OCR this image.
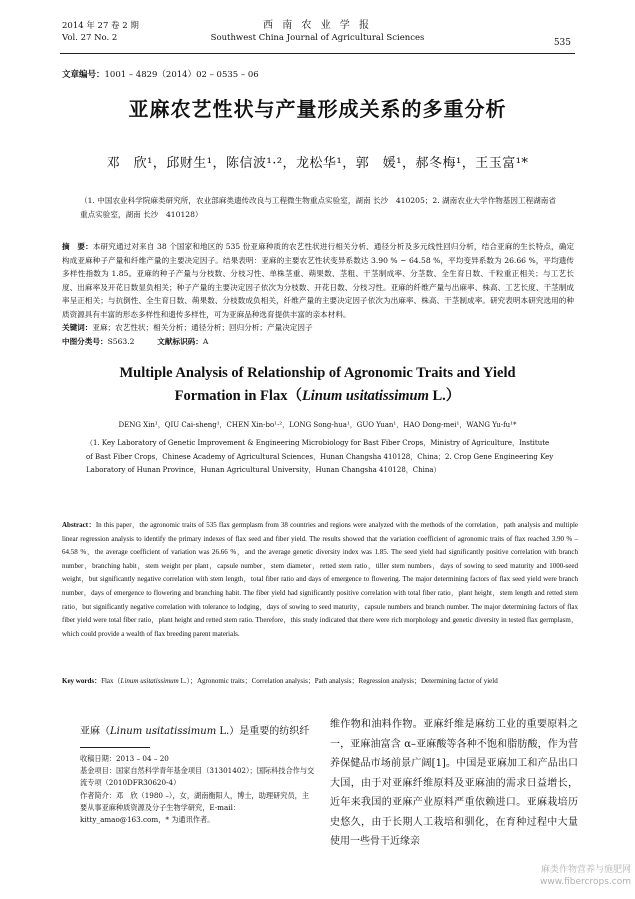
2014 年 27 卷 2 期
Vol. 27 No. 2
西 南 农 业 学 报
Southwest China Journal of Agricultural Sciences	535
文章编号：1001 – 4829（2014）02 – 0535 – 06
亚麻农艺性状与产量形成关系的多重分析
邓　欣¹，邱财生¹，陈信波¹·²，龙松华¹，郭　媛¹，郝冬梅¹，王玉富¹*
（1. 中国农业科学院麻类研究所，农业部麻类遗传改良与工程微生物重点实验室，湖南 长沙　410205；2. 湖南农业大学作物基因工程湖南省重点实验室，湖南 长沙　410128）
摘　要：本研究通过对来自 38 个国家和地区的 535 份亚麻种质的农艺性状进行相关分析、通径分析及多元线性回归分析，结合亚麻的生长特点，确定构成亚麻种子产量和纤维产量的主要决定因子。结果表明：亚麻的主要农艺性状变异系数达 3.90 % ~ 64.58 %，平均变异系数为 26.66 %，平均遗传多样性指数为 1.85。亚麻的种子产量与分枝数、分枝习性、单株茎重、蒴果数、茎粗、干茎制成率、分茎数、全生育日数、千粒重正相关；与工艺长度、出麻率及开花日数显负相关；种子产量的主要决定因子依次为分枝数、开花日数、分枝习性。亚麻的纤维产量与出麻率、株高、工艺长度、干茎制成率呈正相关；与抗倒性、全生育日数、蒴果数、分枝数成负相关，纤维产量的主要决定因子依次为出麻率、株高、干茎制成率。研究表明本研究选用的种质资源具有丰富的形态多样性和遗传多样性，可为亚麻品种选育提供丰富的亲本材料。
关键词：亚麻；农艺性状；相关分析；通径分析；回归分析；产量决定因子
中图分类号：S563.2　　　	文献标识码：A
Multiple Analysis of Relationship of Agronomic Traits and Yield
Formation in Flax（Linum usitatissimum L.）
DENG Xin¹，QIU Cai-sheng¹，CHEN Xin-bo¹·²，LONG Song-hua¹，GUO Yuan¹，HAO Dong-mei¹，WANG Yu-fu¹*
（1. Key Laboratory of Genetic Improvement & Engineering Microbiology for Bast Fiber Crops，Ministry of Agriculture，Institute of Bast Fiber Crops，Chinese Academy of Agricultural Sciences，Hunan Changsha 410128，China；2. Crop Gene Engineering Key Laboratory of Hunan Province，Hunan Agricultural University，Hunan Changsha 410128，China）
Abstract：In this paper，the agronomic traits of 535 flax germplasm from 38 countries and regions were analyzed with the methods of the correlation，path analysis and multiple linear regression analysis to identify the primary indexes of flax seed and fiber yield. The results showed that the variation coefficient of agronomic traits of flax reached 3.90 % – 64.58 %，the average coefficient of variation was 26.66 %，and the average genetic diversity index was 1.85. The seed yield had significantly positive correlation with branch number，branching habit，stem weight per plant，capsule number，stem diameter，retted stem ratio，tiller stem numbers，days of sowing to seed maturity and 1000-seed weight，but significantly negative correlation with stem length，total fiber ratio and days of emergence to flowering. The major determining factors of flax seed yield were branch number，days of emergence to flowering and branching habit. The fiber yield had significantly positive correlation with total fiber ratio，plant height，stem length and retted stem ratio，but significantly negative correlation with tolerance to lodging，days of sowing to seed maturity，capsule numbers and branch number. The major determining factors of flax fiber yield were total fiber ratio，plant height and retted stem ratio. Therefore，this study indicated that there were rich morphology and genetic diversity in tested flax germplasm，which could provide a wealth of flax breeding parent materials.
Key words：Flax（Linum usitatissimum L.）；Agronomic traits；Correlation analysis；Path analysis；Regression analysis；Determining factor of yield
亚麻（Linum usitatissimum L.）是重要的纺织纤
维作物和油料作物。亚麻纤维是麻纺工业的重要原料之一，亚麻油富含 α–亚麻酸等各种不饱和脂肪酸，作为营养保健品市场前景广阔[1]。中国是亚麻加工和产品出口大国，由于对亚麻纤维原料及亚麻油的需求日益增长，近年来我国的亚麻产业原料严重依赖进口。亚麻栽培历史悠久，由于长期人工栽培和驯化，在育种过程中大量使用一些骨干近缘亲
收稿日期：2013 – 04 – 20
基金项目：国家自然科学青年基金项目（31301402）；国际科技合作与交流专项（2010DFR30620-4）
作者简介：邓　欣（1980 –），女，湖南衡阳人，博士，助理研究员，主要从事亚麻种质资源及分子生物学研究，E-mail：kitty_amao@163.com，* 为通讯作者。
麻类作物营养与施肥网
www.fibercrops.com
